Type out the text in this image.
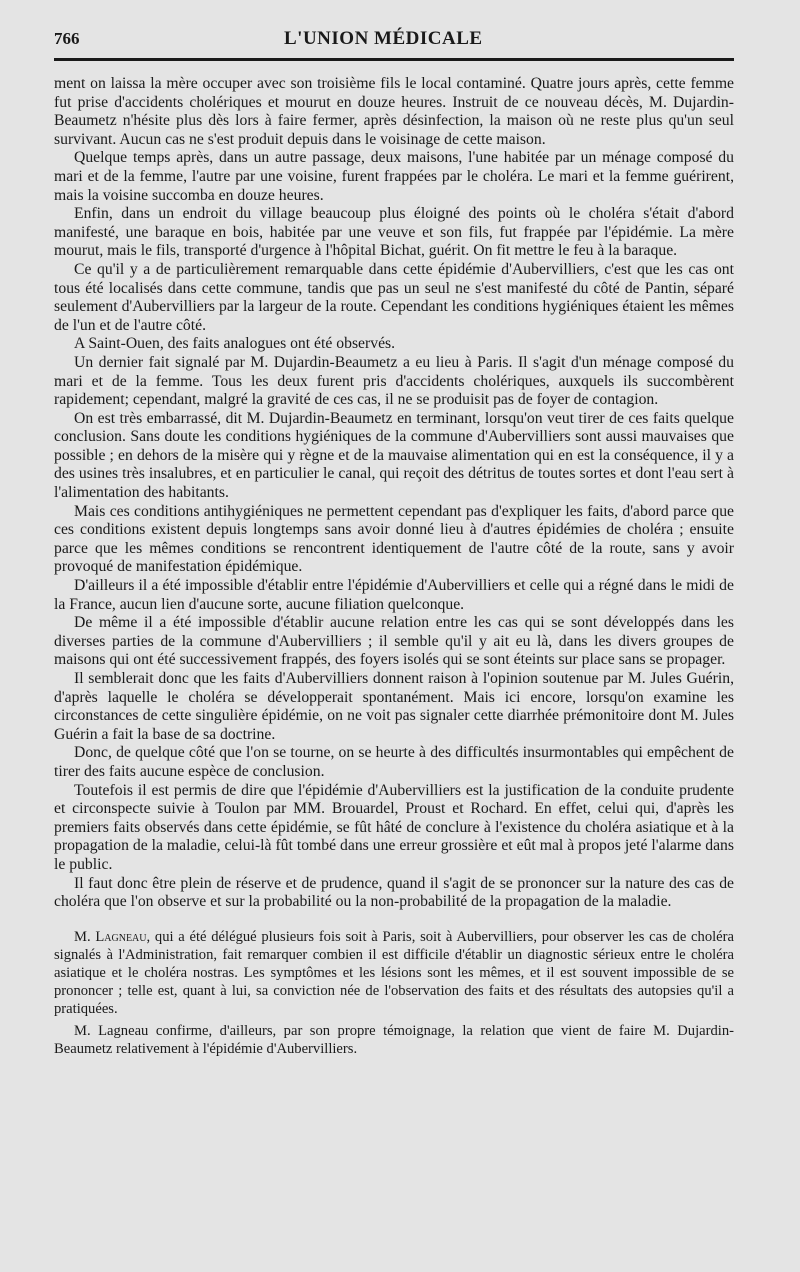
766	L'UNION MÉDICALE

ment on laissa la mère occuper avec son troisième fils le local contaminé. Quatre jours après, cette femme fut prise d'accidents cholériques et mourut en douze heures. Instruit de ce nouveau décès, M. Dujardin-Beaumetz n'hésite plus dès lors à faire fermer, après désinfection, la maison où ne reste plus qu'un seul survivant. Aucun cas ne s'est produit depuis dans le voisinage de cette maison.

Quelque temps après, dans un autre passage, deux maisons, l'une habitée par un ménage composé du mari et de la femme, l'autre par une voisine, furent frappées par le choléra. Le mari et la femme guérirent, mais la voisine succomba en douze heures.

Enfin, dans un endroit du village beaucoup plus éloigné des points où le choléra s'était d'abord manifesté, une baraque en bois, habitée par une veuve et son fils, fut frappée par l'épidémie. La mère mourut, mais le fils, transporté d'urgence à l'hôpital Bichat, guérit. On fit mettre le feu à la baraque.

Ce qu'il y a de particulièrement remarquable dans cette épidémie d'Aubervilliers, c'est que les cas ont tous été localisés dans cette commune, tandis que pas un seul ne s'est manifesté du côté de Pantin, séparé seulement d'Aubervilliers par la largeur de la route. Cependant les conditions hygiéniques étaient les mêmes de l'un et de l'autre côté.

A Saint-Ouen, des faits analogues ont été observés.

Un dernier fait signalé par M. Dujardin-Beaumetz a eu lieu à Paris. Il s'agit d'un ménage composé du mari et de la femme. Tous les deux furent pris d'accidents cholériques, auxquels ils succombèrent rapidement; cependant, malgré la gravité de ces cas, il ne se produisit pas de foyer de contagion.

On est très embarrassé, dit M. Dujardin-Beaumetz en terminant, lorsqu'on veut tirer de ces faits quelque conclusion. Sans doute les conditions hygiéniques de la commune d'Aubervilliers sont aussi mauvaises que possible ; en dehors de la misère qui y règne et de la mauvaise alimentation qui en est la conséquence, il y a des usines très insalubres, et en particulier le canal, qui reçoit des détritus de toutes sortes et dont l'eau sert à l'alimentation des habitants.

Mais ces conditions antihygiéniques ne permettent cependant pas d'expliquer les faits, d'abord parce que ces conditions existent depuis longtemps sans avoir donné lieu à d'autres épidémies de choléra ; ensuite parce que les mêmes conditions se rencontrent identiquement de l'autre côté de la route, sans y avoir provoqué de manifestation épidémique.

D'ailleurs il a été impossible d'établir entre l'épidémie d'Aubervilliers et celle qui a régné dans le midi de la France, aucun lien d'aucune sorte, aucune filiation quelconque.

De même il a été impossible d'établir aucune relation entre les cas qui se sont développés dans les diverses parties de la commune d'Aubervilliers ; il semble qu'il y ait eu là, dans les divers groupes de maisons qui ont été successivement frappés, des foyers isolés qui se sont éteints sur place sans se propager.

Il semblerait donc que les faits d'Aubervilliers donnent raison à l'opinion soutenue par M. Jules Guérin, d'après laquelle le choléra se développerait spontanément. Mais ici encore, lorsqu'on examine les circonstances de cette singulière épidémie, on ne voit pas signaler cette diarrhée prémonitoire dont M. Jules Guérin a fait la base de sa doctrine.

Donc, de quelque côté que l'on se tourne, on se heurte à des difficultés insurmontables qui empêchent de tirer des faits aucune espèce de conclusion.

Toutefois il est permis de dire que l'épidémie d'Aubervilliers est la justification de la conduite prudente et circonspecte suivie à Toulon par MM. Brouardel, Proust et Rochard. En effet, celui qui, d'après les premiers faits observés dans cette épidémie, se fût hâté de conclure à l'existence du choléra asiatique et à la propagation de la maladie, celui-là fût tombé dans une erreur grossière et eût mal à propos jeté l'alarme dans le public.

Il faut donc être plein de réserve et de prudence, quand il s'agit de se prononcer sur la nature des cas de choléra que l'on observe et sur la probabilité ou la non-probabilité de la propagation de la maladie.

M. Lagneau, qui a été délégué plusieurs fois soit à Paris, soit à Aubervilliers, pour observer les cas de choléra signalés à l'Administration, fait remarquer combien il est difficile d'établir un diagnostic sérieux entre le choléra asiatique et le choléra nostras. Les symptômes et les lésions sont les mêmes, et il est souvent impossible de se prononcer ; telle est, quant à lui, sa conviction née de l'observation des faits et des résultats des autopsies qu'il a pratiquées.

M. Lagneau confirme, d'ailleurs, par son propre témoignage, la relation que vient de faire M. Dujardin-Beaumetz relativement à l'épidémie d'Aubervilliers.
